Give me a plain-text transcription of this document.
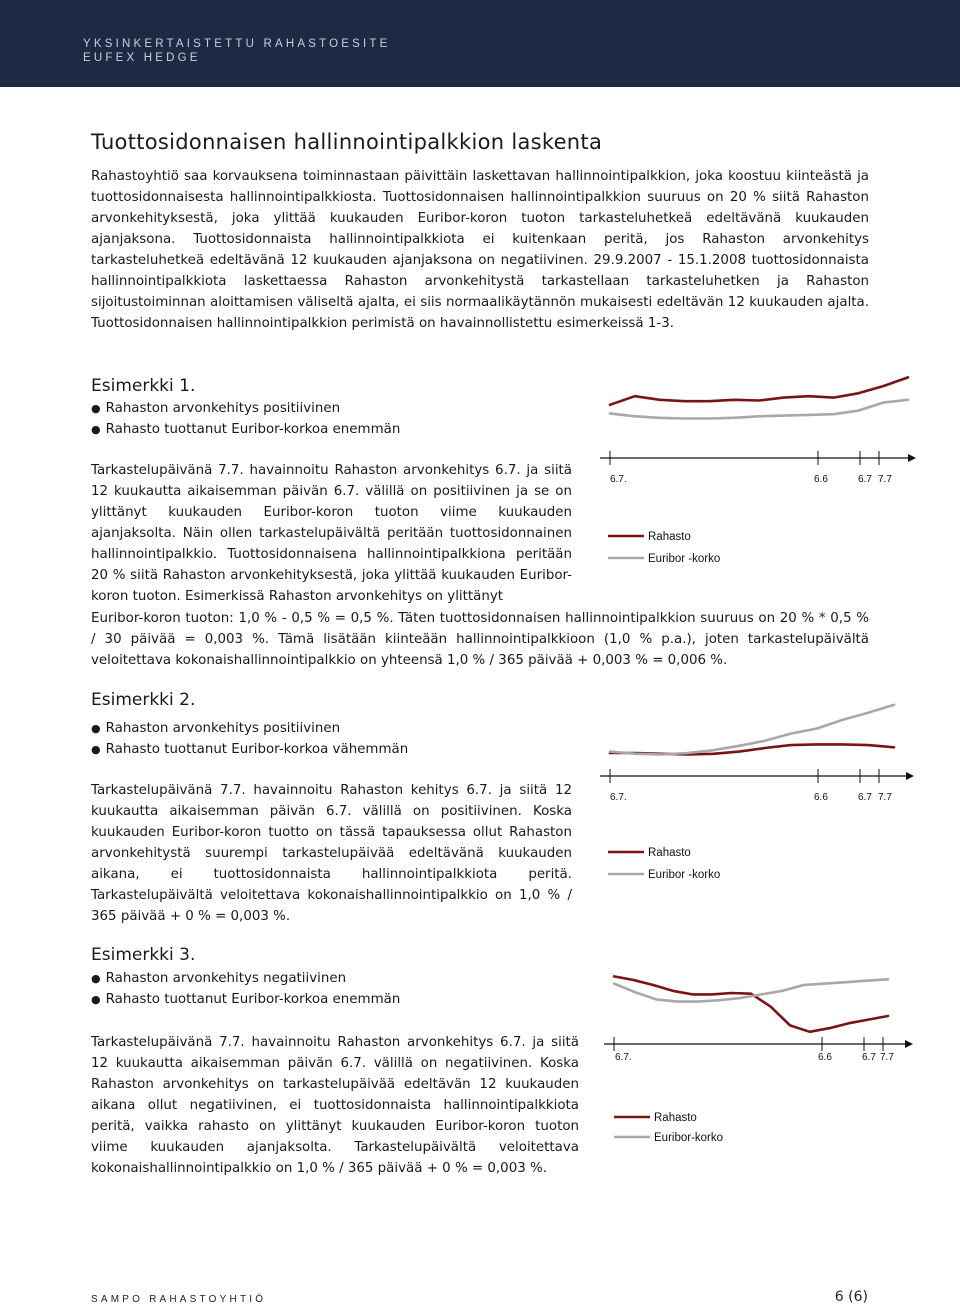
YKSINKERTAISTETTU RAHASTOESITE
EUFEX HEDGE
Tuottosidonnaisen hallinnointipalkkion laskenta

Rahastoyhtiö saa korvauksena toiminnastaan päivittäin laskettavan hallinnointipalkkion, joka koostuu kiinteästä ja tuottosidonnaisesta hallinnointipalkkiosta. Tuottosidonnaisen hallinnointipalkkion suuruus on 20 % siitä Rahaston arvonkehityksestä, joka ylittää kuukauden Euribor-koron tuoton tarkasteluhetkeä edeltävänä kuukauden ajanjaksona. Tuottosidonnaista hallinnointipalkkiota ei kuitenkaan peritä, jos Rahaston arvonkehitys tarkasteluhetkeä edeltävänä 12 kuukauden ajanjaksona on negatiivinen. 29.9.2007 - 15.1.2008 tuottosidonnaista hallinnointipalkkiota laskettaessa Rahaston arvonkehitystä tarkastellaan tarkasteluhetken ja Rahaston sijoitustoiminnan aloittamisen väliseltä ajalta, ei siis normaalikäytännön mukaisesti edeltävän 12 kuukauden ajalta. Tuottosidonnaisen hallinnointipalkkion perimistä on havainnollistettu esimerkeissä 1-3.

Esimerkki 1.
● Rahaston arvonkehitys positiivinen
● Rahasto tuottanut Euribor-korkoa enemmän
Tarkastelupäivänä 7.7. havainnoitu Rahaston arvonkehitys 6.7. ja siitä 12 kuukautta aikaisemman päivän 6.7. välillä on positiivinen ja se on ylittänyt kuukauden Euribor-koron tuoton viime kuukauden ajanjaksolta. Näin ollen tarkastelupäivältä peritään tuottosidonnainen hallinnointipalkkio. Tuottosidonnaisena hallinnointipalkkiona peritään 20 % siitä Rahaston arvonkehityksestä, joka ylittää kuukauden Euribor-koron tuoton. Esimerkissä Rahaston arvonkehitys on ylittänyt
Euribor-koron tuoton: 1,0 % - 0,5 % = 0,5 %. Täten tuottosidonnaisen hallinnointipalkkion suuruus on 20 % * 0,5 % / 30 päivää = 0,003 %. Tämä lisätään kiinteään hallinnointipalkkioon (1,0 % p.a.), joten tarkastelupäivältä veloitettava kokonaishallinnointipalkkio on yhteensä 1,0 % / 365 päivää + 0,003 % = 0,006 %.
6.7.	6.6	6.7 7.7
Rahasto
Euribor -korko
Esimerkki 2.
● Rahaston arvonkehitys positiivinen
● Rahasto tuottanut Euribor-korkoa vähemmän
Tarkastelupäivänä 7.7. havainnoitu Rahaston kehitys 6.7. ja siitä 12 kuukautta aikaisemman päivän 6.7. välillä on positiivinen. Koska kuukauden Euribor-koron tuotto on tässä tapauksessa ollut Rahaston arvonkehitystä suurempi tarkastelupäivää edeltävänä kuukauden aikana, ei tuottosidonnaista hallinnointipalkkiota peritä. Tarkastelupäivältä veloitettava kokonaishallinnointipalkkio on 1,0 % / 365 päivää + 0 % = 0,003 %.
6.7.	6.6	6.7 7.7
Rahasto
Euribor -korko
Esimerkki 3.
● Rahaston arvonkehitys negatiivinen
● Rahasto tuottanut Euribor-korkoa enemmän
Tarkastelupäivänä 7.7. havainnoitu Rahaston arvonkehitys 6.7. ja siitä 12 kuukautta aikaisemman päivän 6.7. välillä on negatiivinen. Koska Rahaston arvonkehitys on tarkastelupäivää edeltävän 12 kuukauden aikana ollut negatiivinen, ei tuottosidonnaista hallinnointipalkkiota peritä, vaikka rahasto on ylittänyt kuukauden Euribor-koron tuoton viime kuukauden ajanjaksolta. Tarkastelupäivältä veloitettava kokonaishallinnointipalkkio on 1,0 % / 365 päivää + 0 % = 0,003 %.
6.7.	6.6	6.7 7.7
Rahasto
Euribor-korko
SAMPO RAHASTOYHTIÖ	6 (6)
